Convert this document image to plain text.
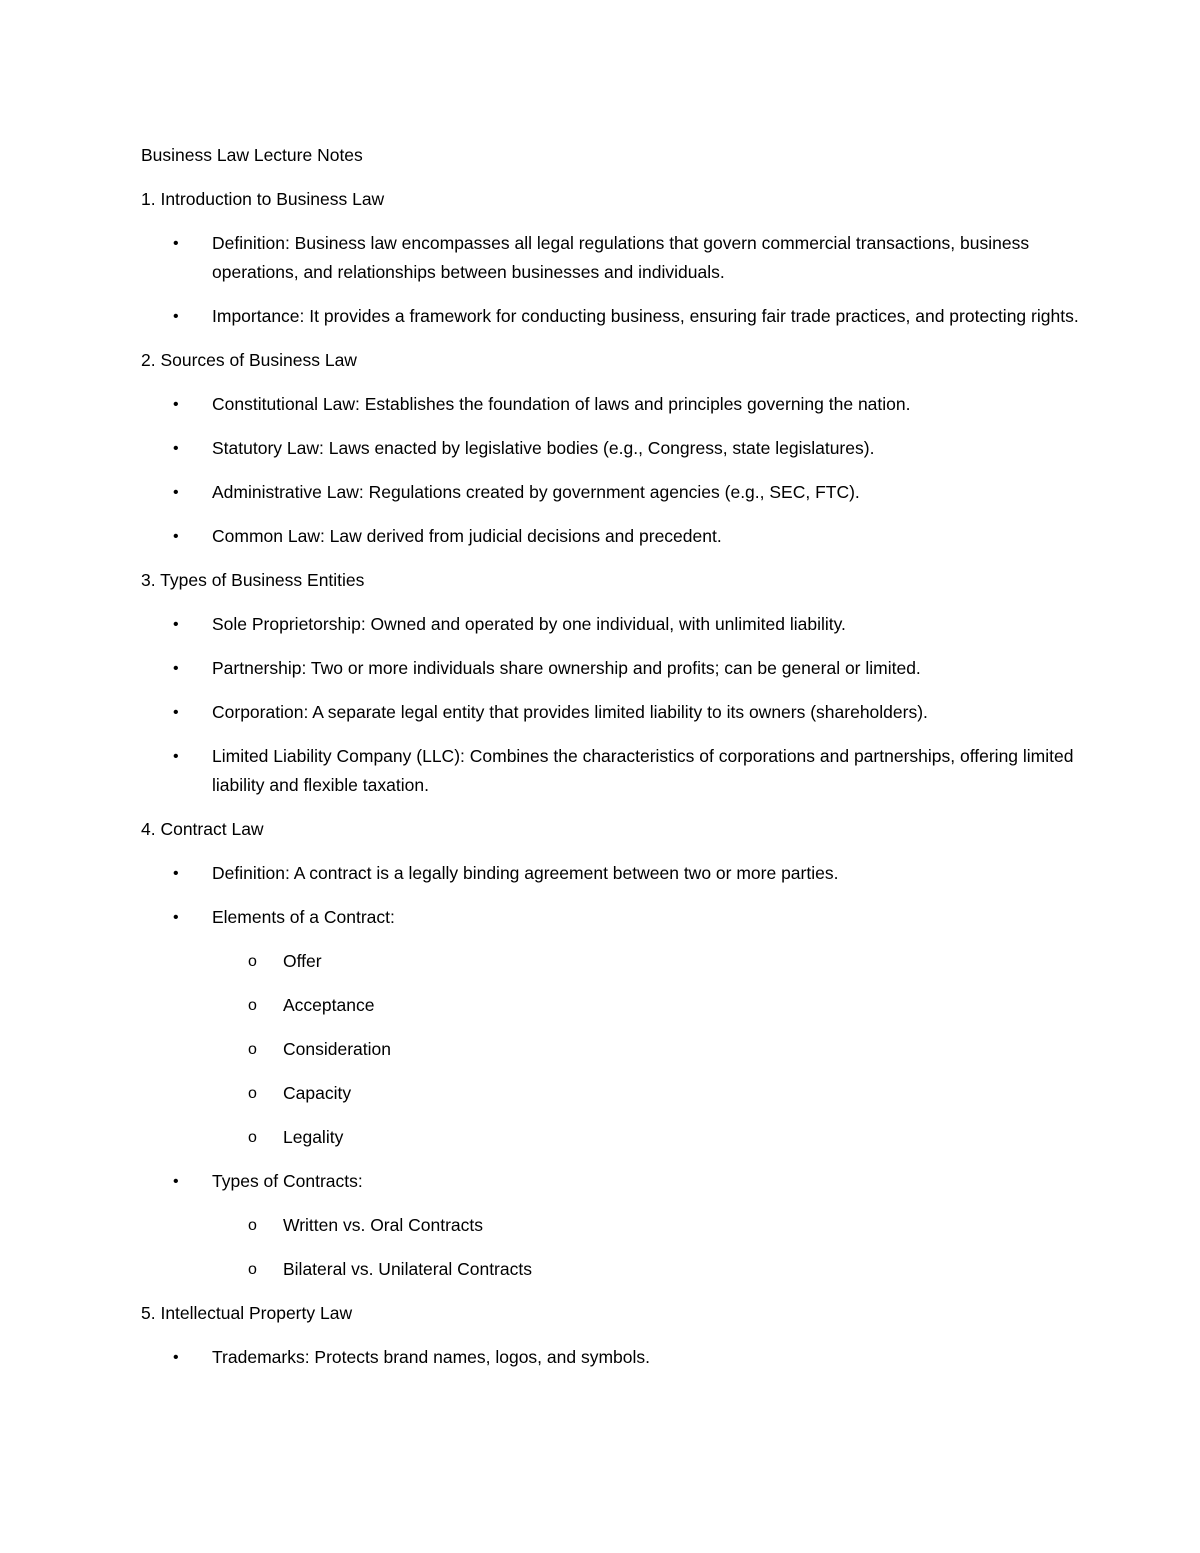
Business Law Lecture Notes
1. Introduction to Business Law
• Definition: Business law encompasses all legal regulations that govern commercial transactions, business operations, and relationships between businesses and individuals.
• Importance: It provides a framework for conducting business, ensuring fair trade practices, and protecting rights.
2. Sources of Business Law
• Constitutional Law: Establishes the foundation of laws and principles governing the nation.
• Statutory Law: Laws enacted by legislative bodies (e.g., Congress, state legislatures).
• Administrative Law: Regulations created by government agencies (e.g., SEC, FTC).
• Common Law: Law derived from judicial decisions and precedent.
3. Types of Business Entities
• Sole Proprietorship: Owned and operated by one individual, with unlimited liability.
• Partnership: Two or more individuals share ownership and profits; can be general or limited.
• Corporation: A separate legal entity that provides limited liability to its owners (shareholders).
• Limited Liability Company (LLC): Combines the characteristics of corporations and partnerships, offering limited liability and flexible taxation.
4. Contract Law
• Definition: A contract is a legally binding agreement between two or more parties.
• Elements of a Contract:
o Offer
o Acceptance
o Consideration
o Capacity
o Legality
• Types of Contracts:
o Written vs. Oral Contracts
o Bilateral vs. Unilateral Contracts
5. Intellectual Property Law
• Trademarks: Protects brand names, logos, and symbols.
